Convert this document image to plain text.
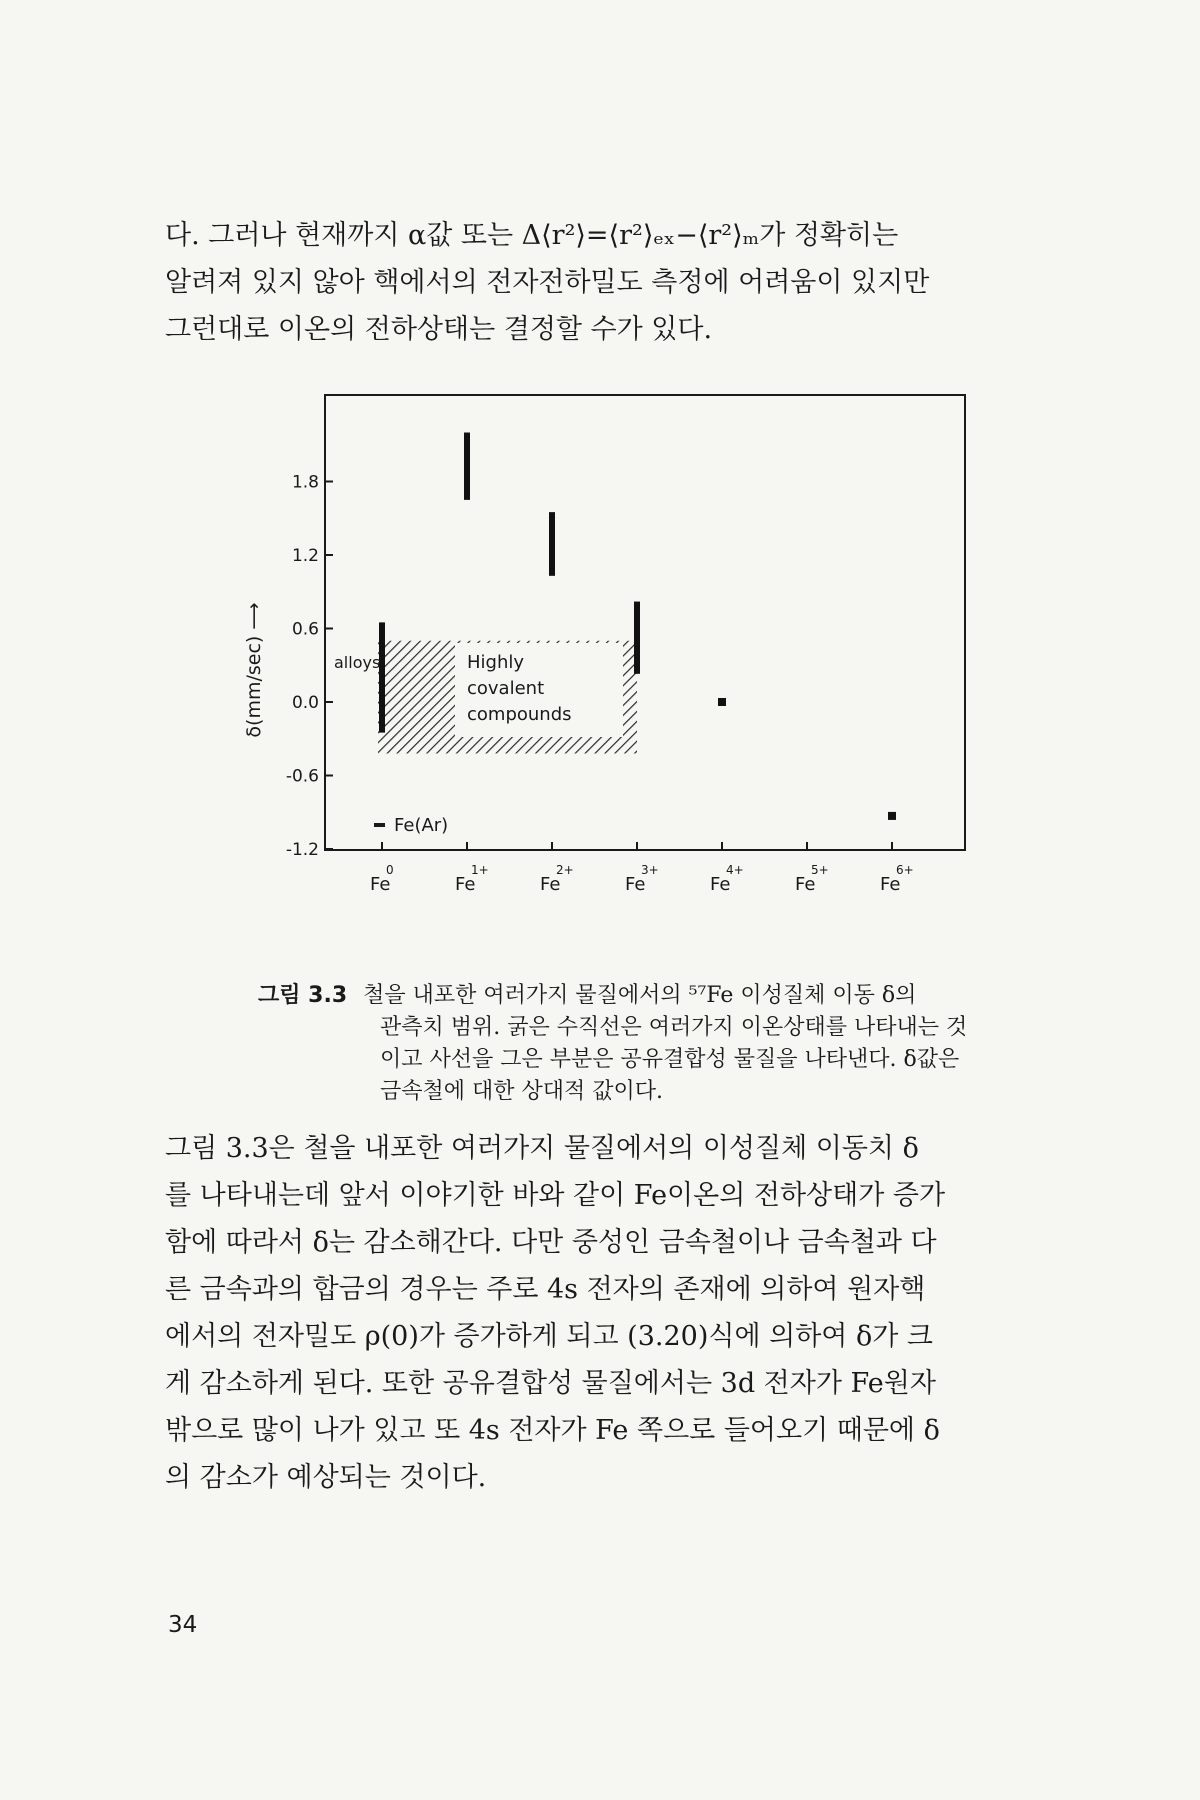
다. 그러나 현재까지 α값 또는 Δ⟨r²⟩=⟨r²⟩ₑₓ−⟨r²⟩ₘ가 정확히는
알려져 있지 않아 핵에서의 전자전하밀도 측정에 어려움이 있지만
그런대로 이온의 전하상태는 결정할 수가 있다.
δ(mm/sec) ⟶
1.8
1.2
0.6
0.0
-0.6
-1.2
Fe
0
Fe
1+
Fe
2+
Fe
3+
Fe
4+
Fe
5+
Fe
6+
alloys	Highly
covalent
compounds
Fe(Ar)
그림 3.3 철을 내포한 여러가지 물질에서의 ⁵⁷Fe 이성질체 이동 δ의
관측치 범위. 굵은 수직선은 여러가지 이온상태를 나타내는 것
이고 사선을 그은 부분은 공유결합성 물질을 나타낸다. δ값은
금속철에 대한 상대적 값이다.
그림 3.3은 철을 내포한 여러가지 물질에서의 이성질체 이동치 δ
를 나타내는데 앞서 이야기한 바와 같이 Fe이온의 전하상태가 증가
함에 따라서 δ는 감소해간다. 다만 중성인 금속철이나 금속철과 다
른 금속과의 합금의 경우는 주로 4s 전자의 존재에 의하여 원자핵
에서의 전자밀도 ρ(0)가 증가하게 되고 (3.20)식에 의하여 δ가 크
게 감소하게 된다. 또한 공유결합성 물질에서는 3d 전자가 Fe원자
밖으로 많이 나가 있고 또 4s 전자가 Fe 쪽으로 들어오기 때문에 δ
의 감소가 예상되는 것이다.
34
